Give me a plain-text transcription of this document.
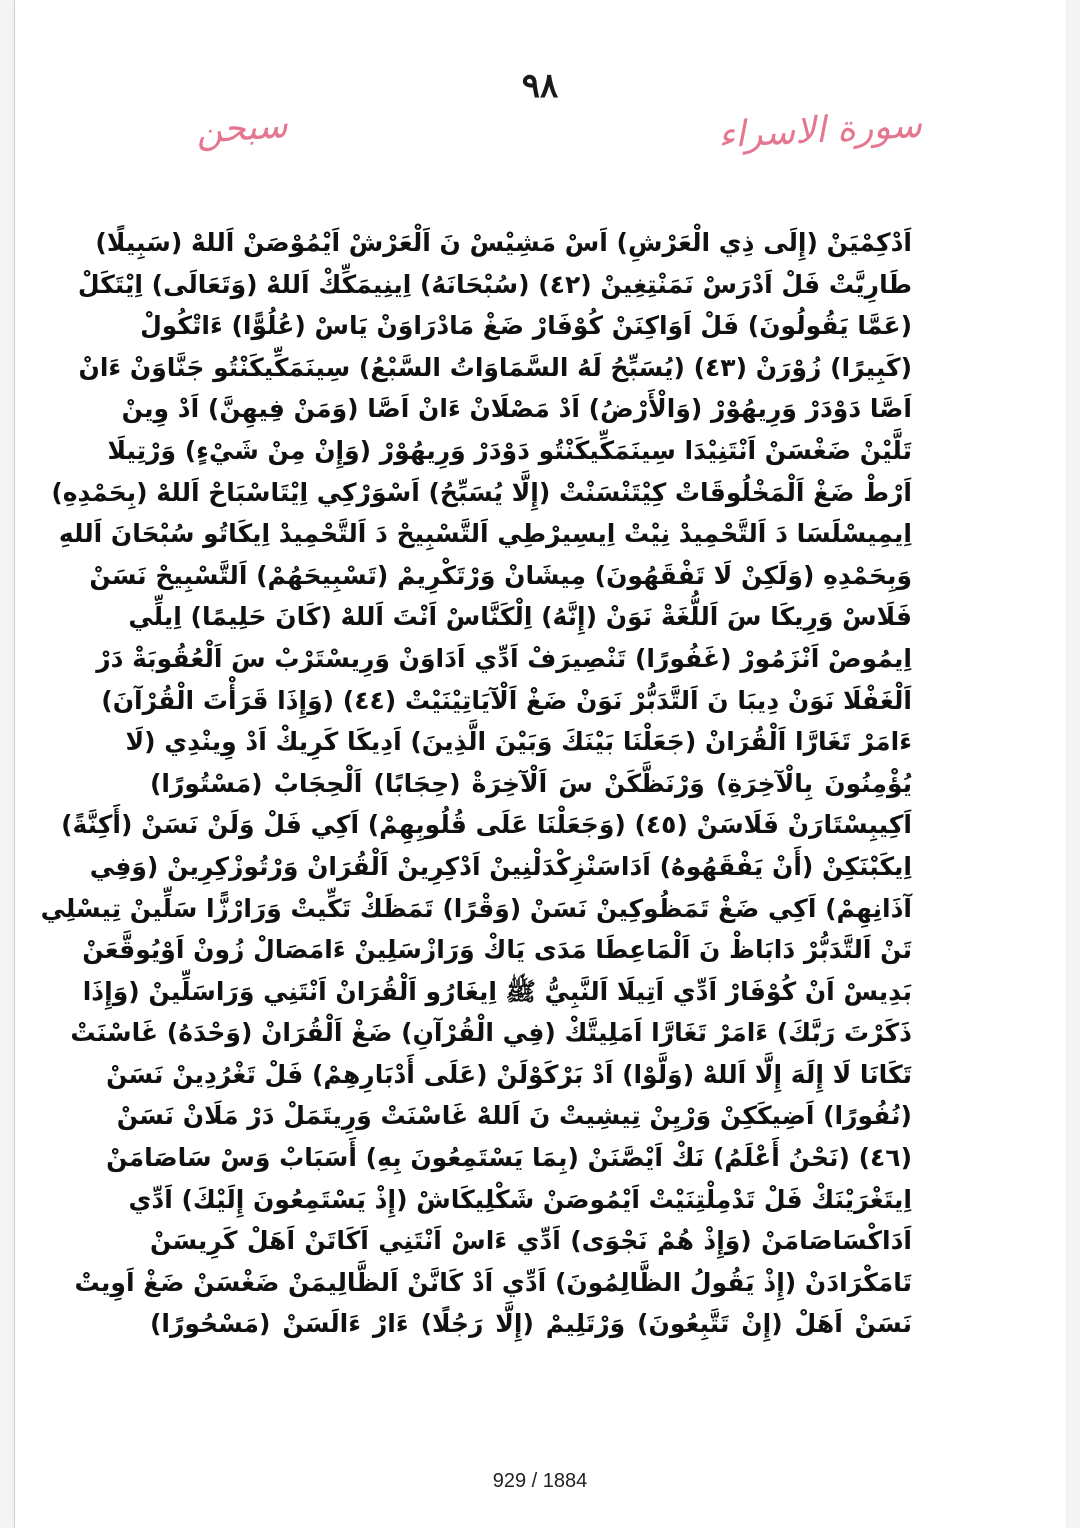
٩٨
سبحن	سورة الاسراء
اَدْكِمْيَنْ (إِلَى ذِي الْعَرْشِ) اَسْ مَشِيْسْ نَ اَلْعَرْشْ اَيْمُوْصَنْ اَللهْ (سَبِيلًا)
طَارِيَّتْ فَلْ اَدْرَسْ نَمَنْتِغِينْ (٤٢) (سُبْحَانَهُ) اِينِيمَكِّكْ اَللهْ (وَتَعَالَى) اِيْتَكَلْ
(عَمَّا يَقُولُونَ) فَلْ اَوَاكِنَنْ كُوْفَارْ ضَغْ مَادْرَاوَنْ يَاسْ (عُلُوًّا) ءَاتْكُولْ
(كَبِيرًا) زُوْرَنْ (٤٣) (يُسَبِّحُ لَهُ السَّمَاوَاتُ السَّبْعُ) سِينَمَكِّيكَنْتُو جَنَّاوَنْ ءَانْ
اَصَّا دَوْدَرْ وَرِيهُوْرْ (وَالْأَرْضُ) اَدْ مَصْلَانْ ءَانْ اَصَّا (وَمَنْ فِيهِنَّ) اَدْ وِينْ
تَلَّيْنْ ضَغْسَنْ اَنْتَنِيْدَا سِينَمَكِّيكَنْتُو دَوْدَرْ وَرِيهُوْرْ (وَإِنْ مِنْ شَيْءٍ) وَرْتِيلَا
اَرْطْ ضَغْ اَلْمَخْلُوقَاتْ كِيْتَنْسَنْتْ (إِلَّا يُسَبِّحُ) اَسْوَرْكِي اِيْتَاسْبَاحْ اَللهْ (بِحَمْدِهِ)
اِيمِيسْلَسَا دَ اَلتَّحْمِيدْ نِيْتْ اِيسِيرْطِي اَلتَّسْبِيحْ دَ اَلتَّحْمِيدْ اِيكَاتُو سُبْحَانَ اَللهِ
وَبِحَمْدِهِ (وَلَكِنْ لَا تَفْقَهُونَ) مِيشَانْ وَرْتَكْرِيمْ (تَسْبِيحَهُمْ) اَلتَّسْبِيحْ نَسَنْ
فَلَاسْ وَرِيكَا سَ اَللُّغَةْ نَوَنْ (إِنَّهُ) اِلْكَنَّاسْ اَنْتَ اَللهْ (كَانَ حَلِيمًا) اِيلِّي
اِيمُوصْ اَنْزَمُورْ (غَفُورًا) تَنْصِيرَفْ اَدِّي اَدَاوَنْ وَرِيسْتَرْبْ سَ اَلْعُقُوبَةْ دَرْ
اَلْغَفْلَا نَوَنْ دِيبَا نَ اَلتَّدَبُّرْ نَوَنْ ضَغْ اَلْآيَاتِيْنَيْتْ (٤٤) (وَإِذَا قَرَأْتَ الْقُرْآنَ)
ءَامَرْ تَغَارَّا اَلْقُرَانْ (جَعَلْنَا بَيْنَكَ وَبَيْنَ الَّذِينَ) اَدِيكَا كَرِيكْ اَدْ وِينْدِي (لَا
يُؤْمِنُونَ بِالْآخِرَةِ) وَرْنَظَّكَنْ سَ اَلْآخِرَةْ (حِجَابًا) اَلْحِجَابْ (مَسْتُورًا)
اَكِيبِسْتَارَنْ فَلَاسَنْ (٤٥) (وَجَعَلْنَا عَلَى قُلُوبِهِمْ) اَكِي فَلْ وَلَنْ نَسَنْ (أَكِنَّةً)
اِيكَبْنَكِنْ (أَنْ يَفْقَهُوهُ) اَدَاسَنْزِكْدَلْنِينْ اَدْكِرِينْ اَلْقُرَانْ وَرْتُوزْكِرِينْ (وَفِي
آذَانِهِمْ) اَكِي ضَغْ تَمَظُوكِينْ نَسَنْ (وَقْرًا) تَمَظَكْ تَكِّيتْ وَرَارْزًّا سَلِّينْ تِيسْلِي
تَنْ اَلتَّدَبُّرْ دَابَاظْ نَ اَلْمَاعِطَا مَدَى يَاكْ وَرَازْسَلِينْ ءَامَصَالْ زُونْ اَوْيُوقَّعَنْ
بَدِيسْ اَنْ كُوْفَارْ اَدِّي اَتِيلَا اَلنَّبِيُّ ﷺ اِيغَارُو اَلْقُرَانْ اَنْتَنِي وَرَاسَلِّينْ (وَإِذَا
ذَكَرْتَ رَبَّكَ) ءَامَرْ تَغَارَّا اَمَلِيتَّكْ (فِي الْقُرْآنِ) ضَغْ اَلْقُرَانْ (وَحْدَهُ) غَاسْنَتْ
تَكَانَا لَا إِلَهَ إِلَّا اَللهْ (وَلَّوْا) اَدْ بَرْكَوْلَنْ (عَلَى أَدْبَارِهِمْ) فَلْ تَغْرُدِينْ نَسَنْ
(نُفُورًا) اَضِيكَكِنْ وَرْيِنْ تِيشِيتْ نَ اَللهْ غَاسْنَتْ وَرِيتَمَلْ دَرْ مَلَانْ نَسَنْ
(٤٦) (نَحْنُ أَعْلَمُ) نَكْ اَيْصَّنَنْ (بِمَا يَسْتَمِعُونَ بِهِ) أَسَبَابْ وَسْ سَاصَامَنْ
اِيتَغْرَيْنَكْ فَلْ تَدْمِلْتِنَيْتْ اَيْمُوصَنْ شَكْلِيكَاشْ (إِذْ يَسْتَمِعُونَ إِلَيْكَ) اَدِّي
اَدَاكْسَاصَامَنْ (وَإِذْ هُمْ نَجْوَى) اَدِّي ءَاسْ اَنْتَنِي اَكَاتَنْ اَهَلْ كَرِيسَنْ
تَامَكْرَادَنْ (إِذْ يَقُولُ الظَّالِمُونَ) اَدِّي اَدْ كَانَّنْ اَلظَّالِيمَنْ ضَغْسَنْ ضَغْ اَوِيتْ
نَسَنْ اَهَلْ (إِنْ تَتَّبِعُونَ) وَرْتَلِيمْ (إِلَّا رَجُلًا) ءَارْ ءَالَسَنْ (مَسْحُورًا)
929 / 1884
